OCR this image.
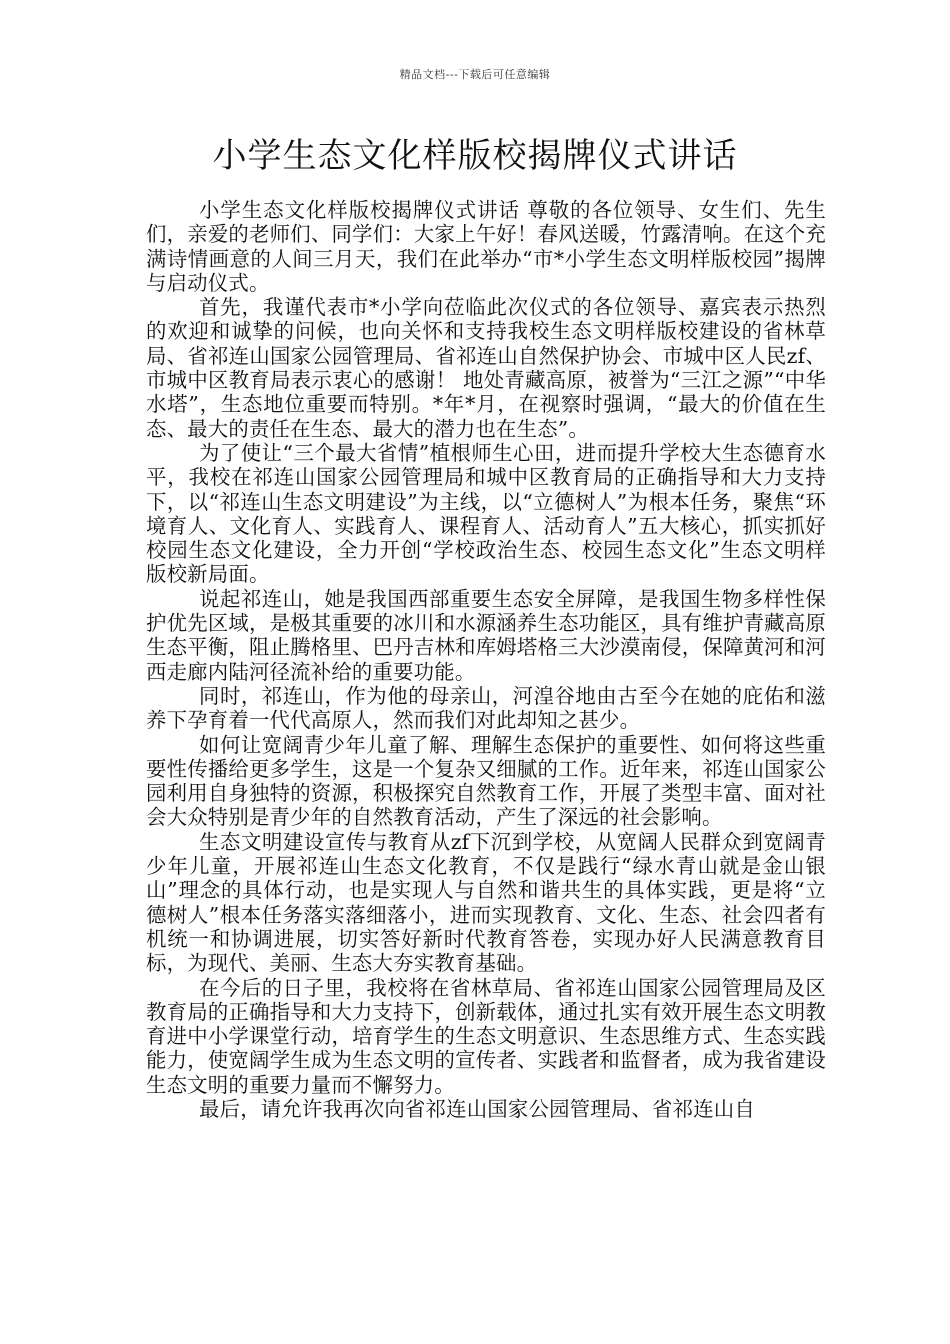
精品文档---下载后可任意编辑
小学生态文化样版校揭牌仪式讲话

小学生态文化样版校揭牌仪式讲话 尊敬的各位领导、女生们、先生们，亲爱的老师们、同学们：大家上午好！春风送暖，竹露清响。在这个充满诗情画意的人间三月天，我们在此举办“市*小学生态文明样版校园”揭牌与启动仪式。

首先，我谨代表市*小学向莅临此次仪式的各位领导、嘉宾表示热烈的欢迎和诚挚的问候，也向关怀和支持我校生态文明样版校建设的省林草局、省祁连山国家公园管理局、省祁连山自然保护协会、市城中区人民zf、市城中区教育局表示衷心的感谢！ 地处青藏高原，被誉为“三江之源”“中华水塔”，生态地位重要而特别。*年*月，在视察时强调，“最大的价值在生态、最大的责任在生态、最大的潜力也在生态”。

为了使让“三个最大省情”植根师生心田，进而提升学校大生态德育水平，我校在祁连山国家公园管理局和城中区教育局的正确指导和大力支持下，以“祁连山生态文明建设”为主线，以“立德树人”为根本任务，聚焦“环境育人、文化育人、实践育人、课程育人、活动育人”五大核心，抓实抓好校园生态文化建设，全力开创“学校政治生态、校园生态文化”生态文明样版校新局面。

说起祁连山，她是我国西部重要生态安全屏障，是我国生物多样性保护优先区域，是极其重要的冰川和水源涵养生态功能区，具有维护青藏高原生态平衡，阻止腾格里、巴丹吉林和库姆塔格三大沙漠南侵，保障黄河和河西走廊内陆河径流补给的重要功能。

同时，祁连山，作为他的母亲山，河湟谷地由古至今在她的庇佑和滋养下孕育着一代代高原人，然而我们对此却知之甚少。

如何让宽阔青少年儿童了解、理解生态保护的重要性、如何将这些重要性传播给更多学生，这是一个复杂又细腻的工作。近年来，祁连山国家公园利用自身独特的资源，积极探究自然教育工作，开展了类型丰富、面对社会大众特别是青少年的自然教育活动，产生了深远的社会影响。

生态文明建设宣传与教育从zf下沉到学校，从宽阔人民群众到宽阔青少年儿童，开展祁连山生态文化教育，不仅是践行“绿水青山就是金山银山”理念的具体行动，也是实现人与自然和谐共生的具体实践，更是将“立德树人”根本任务落实落细落小，进而实现教育、文化、生态、社会四者有机统一和协调进展，切实答好新时代教育答卷，实现办好人民满意教育目标，为现代、美丽、生态大夯实教育基础。

在今后的日子里，我校将在省林草局、省祁连山国家公园管理局及区教育局的正确指导和大力支持下，创新载体，通过扎实有效开展生态文明教育进中小学课堂行动，培育学生的生态文明意识、生态思维方式、生态实践能力，使宽阔学生成为生态文明的宣传者、实践者和监督者，成为我省建设生态文明的重要力量而不懈努力。

最后，请允许我再次向省祁连山国家公园管理局、省祁连山自
